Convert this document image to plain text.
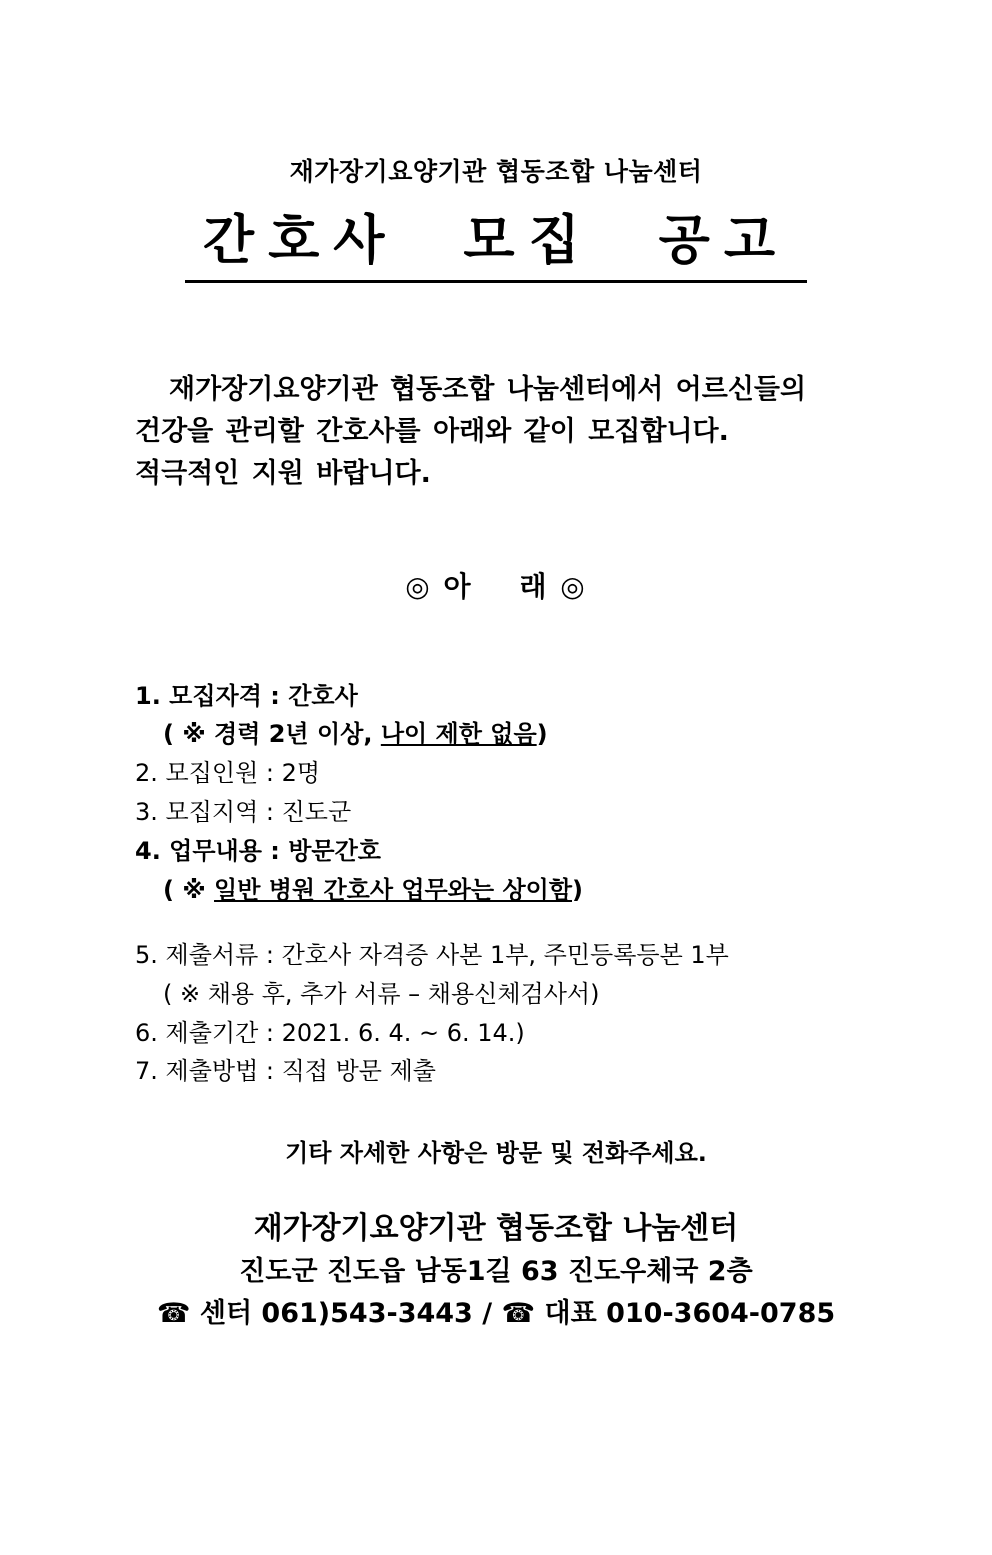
재가장기요양기관 협동조합 나눔센터
간호사  모집  공고
재가장기요양기관 협동조합 나눔센터에서 어르신들의
건강을 관리할 간호사를 아래와 같이 모집합니다.
적극적인 지원 바랍니다.
◎ 아    래 ◎
1. 모집자격 : 간호사
( ※ 경력 2년 이상, 나이 제한 없음)
2. 모집인원 : 2명
3. 모집지역 : 진도군
4. 업무내용 : 방문간호
( ※ 일반 병원 간호사 업무와는 상이함)
5. 제출서류 : 간호사 자격증 사본 1부, 주민등록등본 1부
( ※ 채용 후, 추가 서류 – 채용신체검사서)
6. 제출기간 : 2021. 6. 4. ~ 6. 14.)
7. 제출방법 : 직접 방문 제출
기타 자세한 사항은 방문 및 전화주세요.
재가장기요양기관 협동조합 나눔센터
진도군 진도읍 남동1길 63 진도우체국 2층
☎ 센터 061)543-3443 / ☎ 대표 010-3604-0785
